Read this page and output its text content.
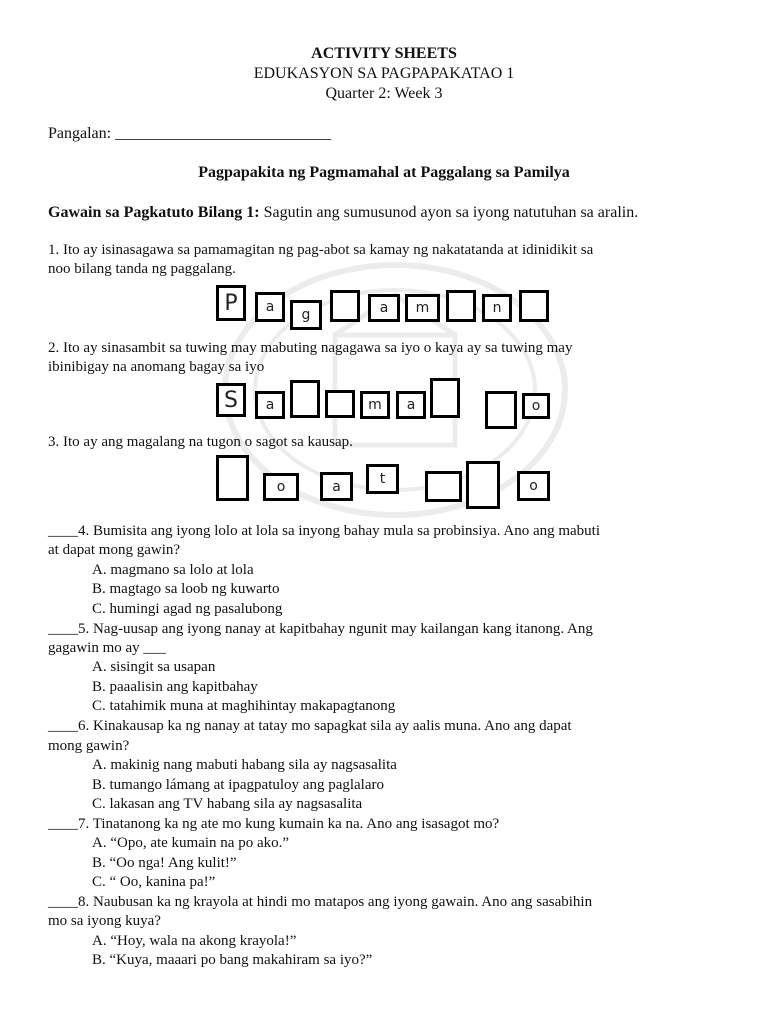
ACTIVITY SHEETS
EDUKASYON SA PAGPAPAKATAO 1
Quarter 2: Week 3
Pangalan: ___________________________
Pagpapakita ng Pagmamahal at Paggalang sa Pamilya
Gawain sa Pagkatuto Bilang 1: Sagutin ang sumusunod ayon sa iyong natutuhan sa aralin.
1. Ito ay isinasagawa sa pamamagitan ng pag-abot sa kamay ng nakatatanda at idinidikit sa
noo bilang tanda ng paggalang.
P	a	g	a	m	n
2. Ito ay sinasambit sa tuwing may mabuting nagagawa sa iyo o kaya ay sa tuwing may
ibinibigay na anomang bagay sa iyo
S	a	m	a	o
3. Ito ay ang magalang na tugon o sagot sa kausap.
o	a	t	o
____4. Bumisita ang iyong lolo at lola sa inyong bahay mula sa probinsiya. Ano ang mabuti
at dapat mong gawin?
A. magmano sa lolo at lola
B. magtago sa loob ng kuwarto
C. humingi agad ng pasalubong
____5. Nag-uusap ang iyong nanay at kapitbahay ngunit may kailangan kang itanong. Ang
gagawin mo ay ___
A. sisingit sa usapan
B. paaalisin ang kapitbahay
C. tatahimik muna at maghihintay makapagtanong
____6. Kinakausap ka ng nanay at tatay mo sapagkat sila ay aalis muna. Ano ang dapat
mong gawin?
A. makinig nang mabuti habang sila ay nagsasalita
B. tumango lámang at ipagpatuloy ang paglalaro
C. lakasan ang TV habang sila ay nagsasalita
____7. Tinatanong ka ng ate mo kung kumain ka na. Ano ang isasagot mo?
A. “Opo, ate kumain na po ako.”
B. “Oo nga! Ang kulit!”
C. “ Oo, kanina pa!”
____8. Naubusan ka ng krayola at hindi mo matapos ang iyong gawain. Ano ang sasabihin
mo sa iyong kuya?
A. “Hoy, wala na akong krayola!”
B. “Kuya, maaari po bang makahiram sa iyo?”
